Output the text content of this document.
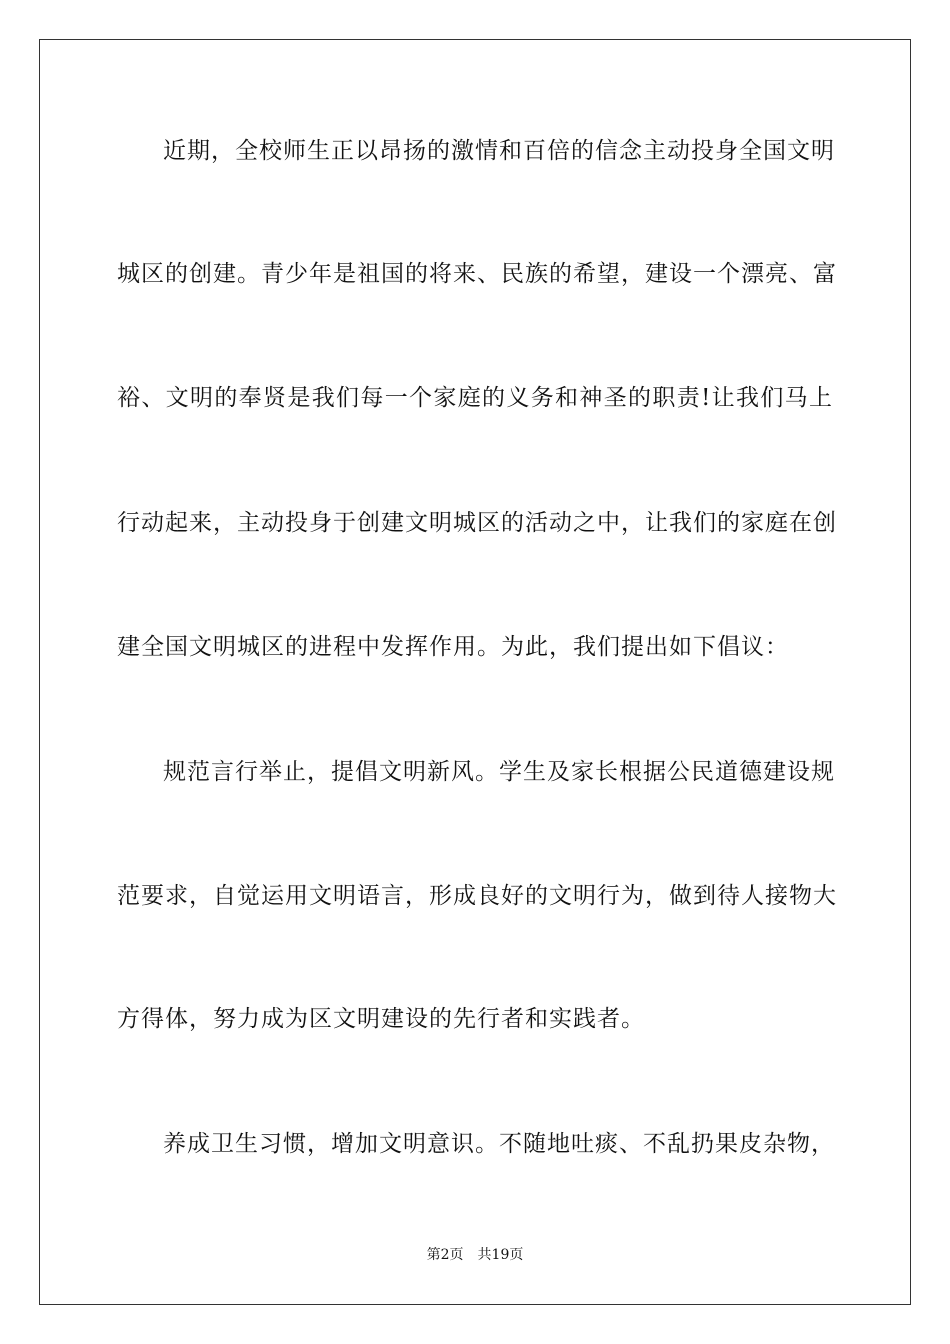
近期，全校师生正以昂扬的激情和百倍的信念主动投身全国文明
城区的创建。青少年是祖国的将来、民族的希望，建设一个漂亮、富
裕、文明的奉贤是我们每一个家庭的义务和神圣的职责!让我们马上
行动起来，主动投身于创建文明城区的活动之中，让我们的家庭在创
建全国文明城区的进程中发挥作用。为此，我们提出如下倡议：
规范言行举止，提倡文明新风。学生及家长根据公民道德建设规
范要求，自觉运用文明语言，形成良好的文明行为，做到待人接物大
方得体，努力成为区文明建设的先行者和实践者。
养成卫生习惯，增加文明意识。不随地吐痰、不乱扔果皮杂物，
第2页 共19页
